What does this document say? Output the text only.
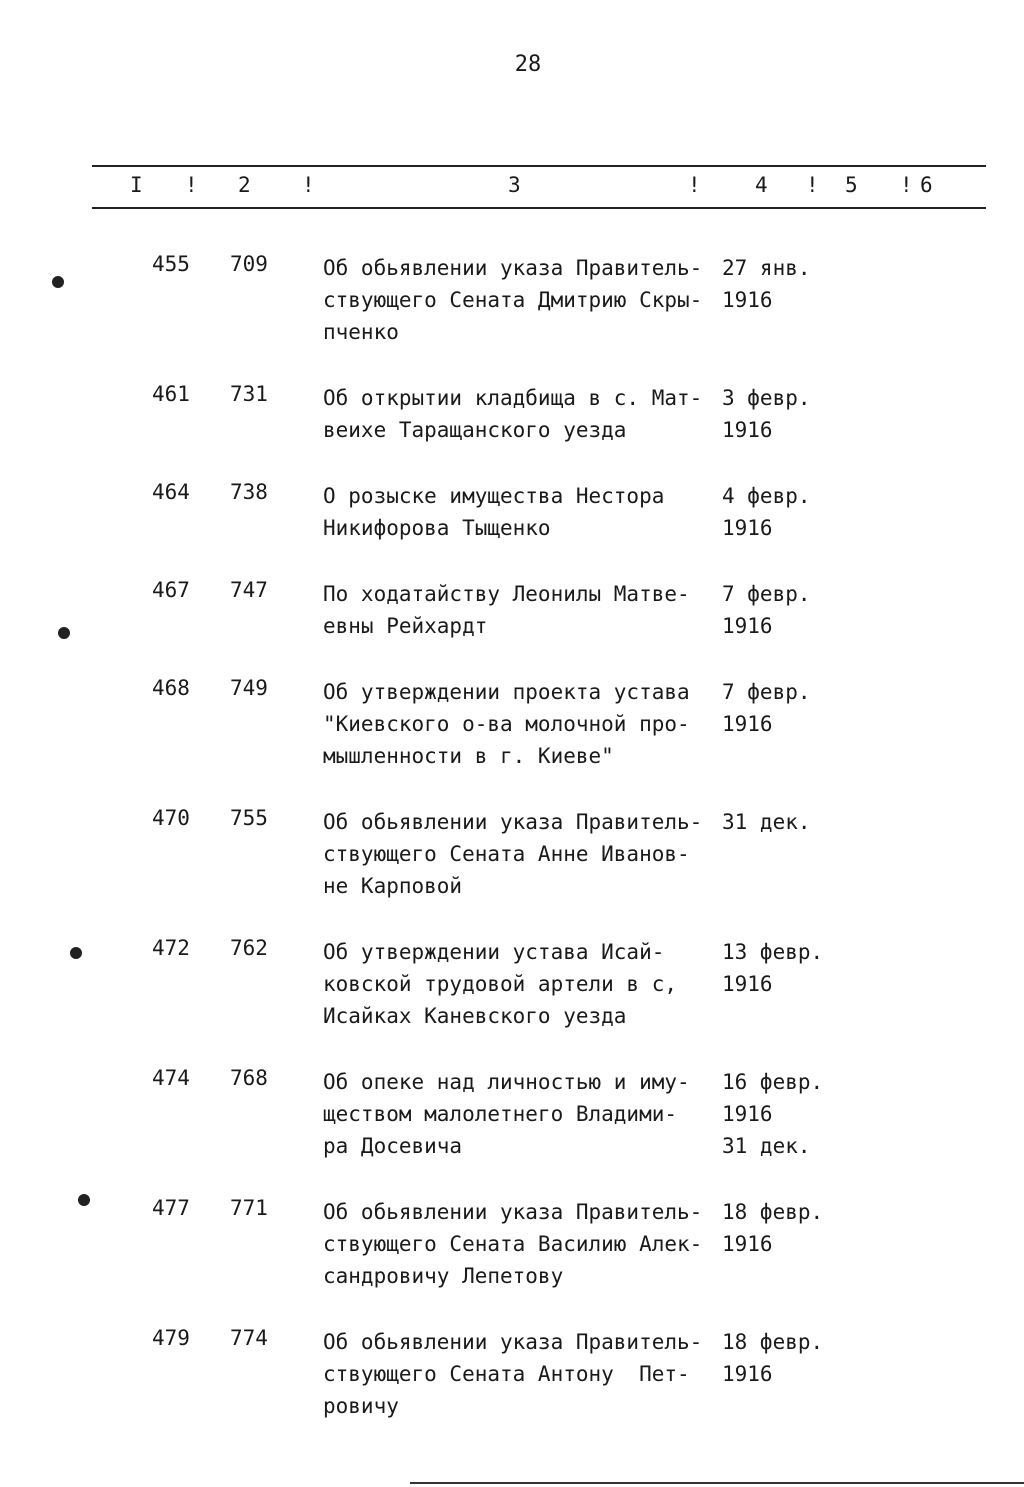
28
I ! 2 !	3	!	4 ! 5 ! 6
455 709	Об обьявлении указа Правитель-
ствующего Сената Дмитрию Скры-
пченко
27 янв.
1916
461 731	Об открытии кладбища в с. Мат-
веихе Таращанского уезда
3 февр.
1916
464 738	О розыске имущества Нестора
Никифорова Тыщенко
4 февр.
1916
467 747	По ходатайству Леонилы Матве-
евны Рейхардт
7 февр.
1916
468 749	Об утверждении проекта устава
"Киевского о-ва молочной про-
мышленности в г. Киеве"
7 февр.
1916
470 755	Об обьявлении указа Правитель-
ствующего Сената Анне Иванов-
не Карповой
31 дек.
472 762	Об утверждении устава Исай-
ковской трудовой артели в с,
Исайках Каневского уезда
13 февр.
1916
474 768	Об опеке над личностью и иму-
ществом малолетнего Владими-
ра Досевича
16 февр.
1916
31 дек.
477 771	Об обьявлении указа Правитель-
ствующего Сената Василию Алек-
сандровичу Лепетову
18 февр.
1916
479 774	Об обьявлении указа Правитель-
ствующего Сената Антону  Пет-
ровичу
18 февр.
1916
